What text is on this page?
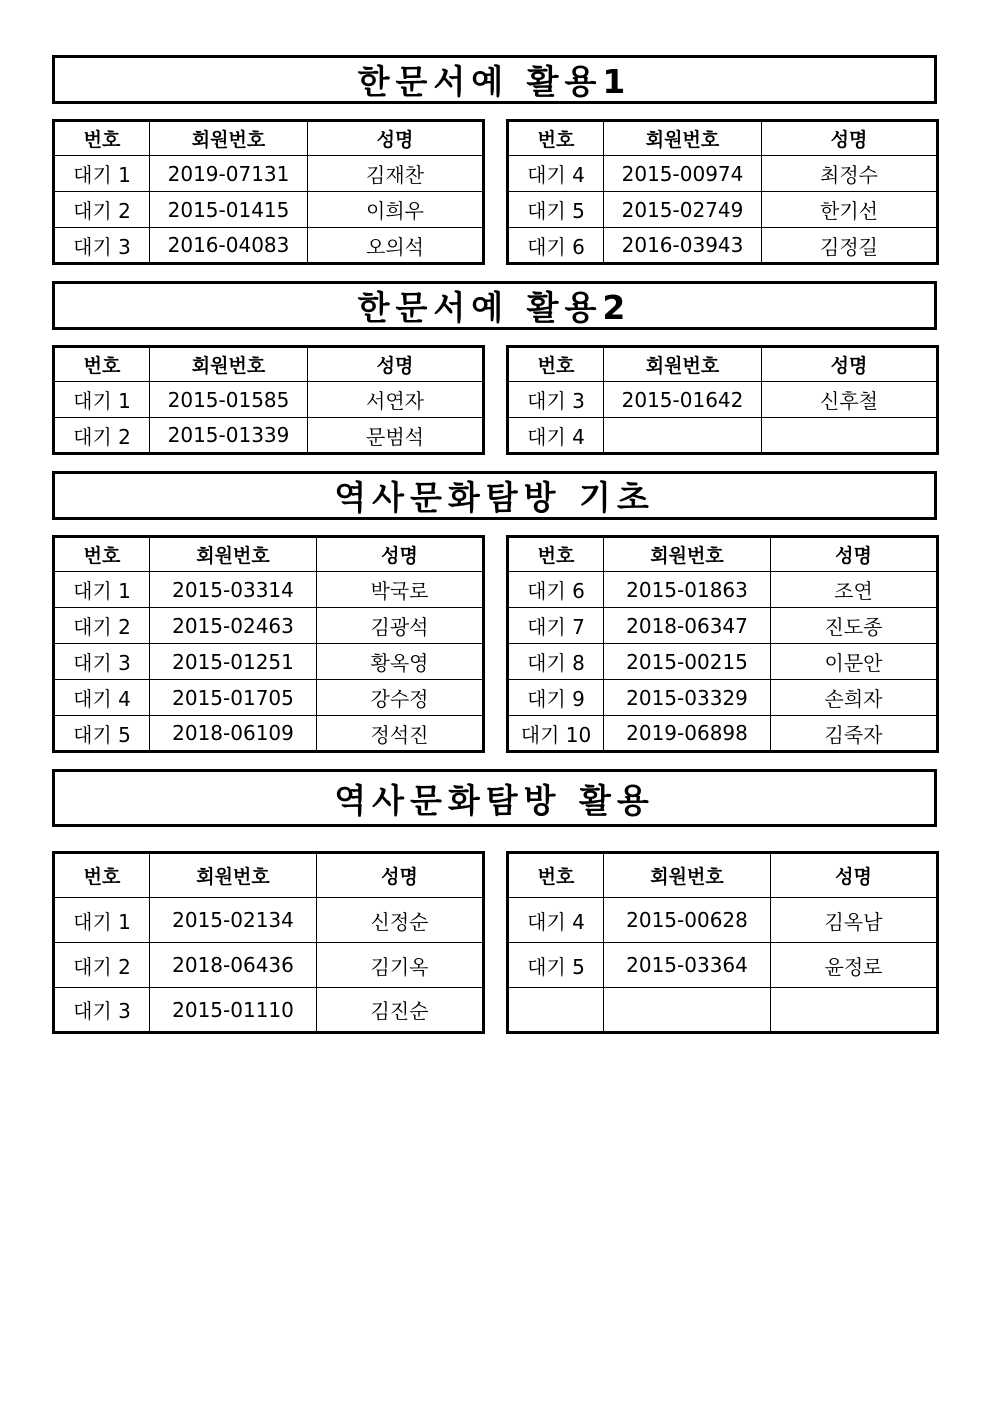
한문서예 활용1
번호	회원번호	성명
대기 1	2019-07131	김재찬
대기 2	2015-01415	이희우
대기 3	2016-04083	오의석
번호	회원번호	성명
대기 4	2015-00974	최정수
대기 5	2015-02749	한기선
대기 6	2016-03943	김정길
한문서예 활용2
번호	회원번호	성명
대기 1	2015-01585	서연자
대기 2	2015-01339	문범석
번호	회원번호	성명
대기 3	2015-01642	신후철
대기 4		
역사문화탐방 기초
번호	회원번호	성명
대기 1	2015-03314	박국로
대기 2	2015-02463	김광석
대기 3	2015-01251	황옥영
대기 4	2015-01705	강수정
대기 5	2018-06109	정석진
번호	회원번호	성명
대기 6	2015-01863	조연
대기 7	2018-06347	진도종
대기 8	2015-00215	이문안
대기 9	2015-03329	손희자
대기 10	2019-06898	김죽자
역사문화탐방 활용
번호	회원번호	성명
대기 1	2015-02134	신정순
대기 2	2018-06436	김기옥
대기 3	2015-01110	김진순
번호	회원번호	성명
대기 4	2015-00628	김옥남
대기 5	2015-03364	윤정로
